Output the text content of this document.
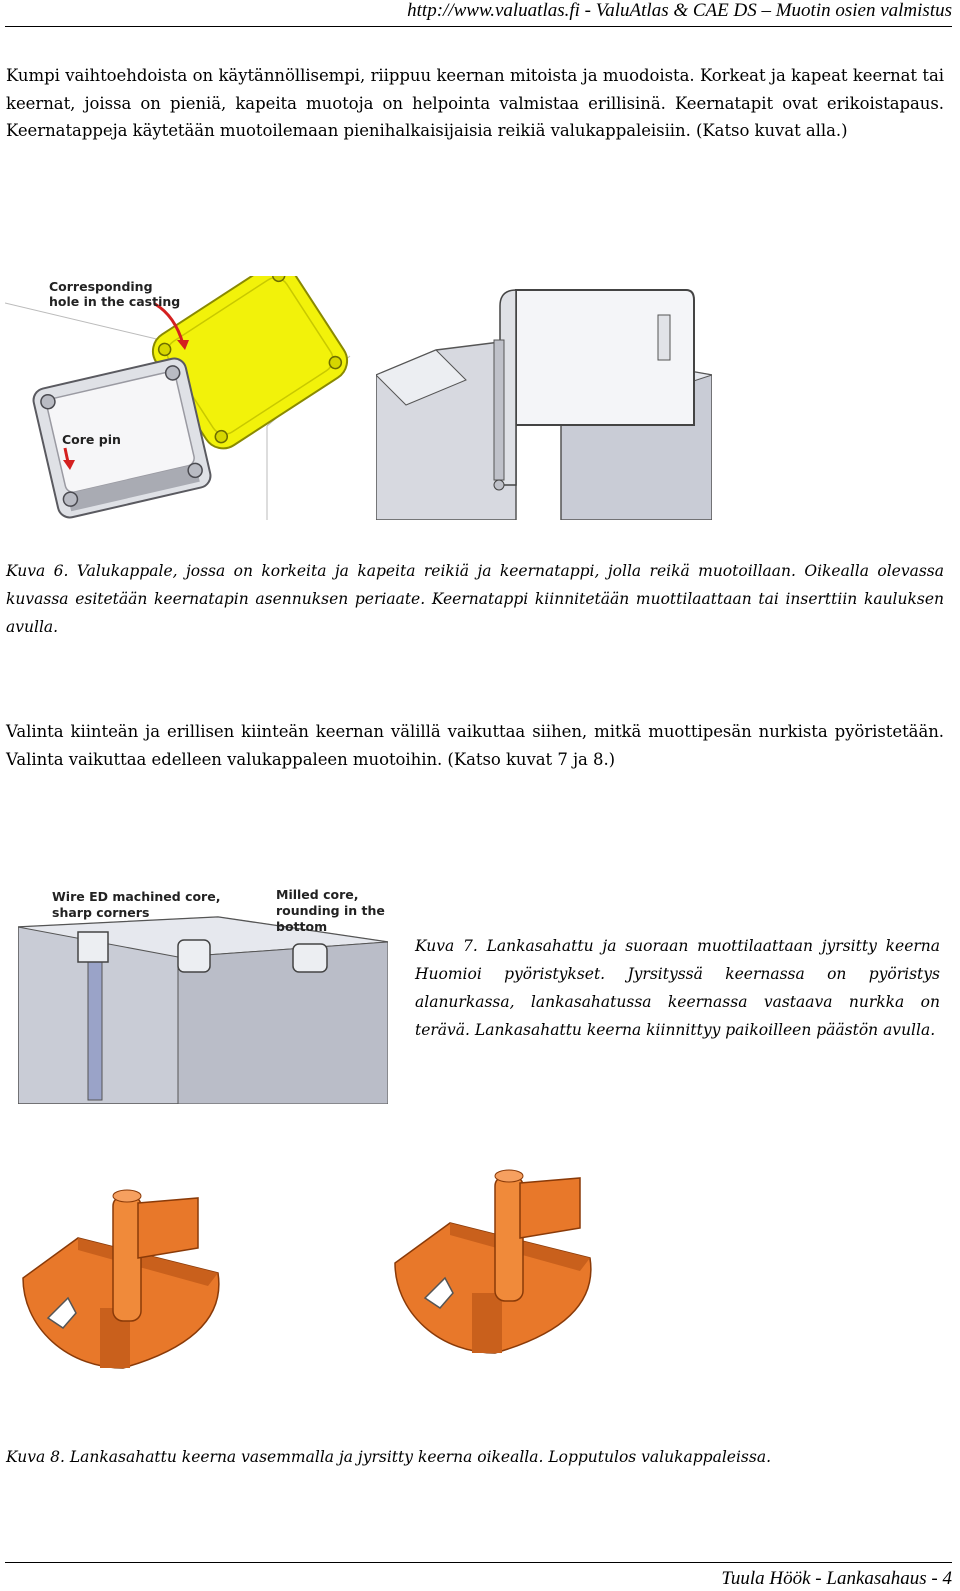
http://www.valuatlas.fi - ValuAtlas & CAE DS – Muotin osien valmistus
Kumpi vaihtoehdoista on käytännöllisempi, riippuu keernan mitoista ja muodoista. Korkeat ja kapeat keernat tai keernat, joissa on pieniä, kapeita muotoja on helpointa valmistaa erillisinä. Keernatapit ovat erikoistapaus. Keernatappeja käytetään muotoilemaan pienihalkaisijaisia reikiä valukappaleisiin. (Katso kuvat alla.)
Corresponding
hole in the casting
Core pin
Kuva 6. Valukappale, jossa on korkeita ja kapeita reikiä ja keernatappi, jolla reikä muotoillaan. Oikealla olevassa kuvassa esitetään keernatapin asennuksen periaate. Keernatappi kiinnitetään muottilaattaan tai inserttiin kauluksen avulla.
Valinta kiinteän ja erillisen kiinteän keernan välillä vaikuttaa siihen, mitkä muottipesän nurkista pyöristetään. Valinta vaikuttaa edelleen valukappaleen muotoihin. (Katso kuvat 7 ja 8.)
Wire ED machined core,
sharp corners
Milled core,
rounding in the
bottom
Kuva 7. Lankasahattu ja suoraan muottilaattaan jyrsitty keerna Huomioi pyöristykset. Jyrsityssä keernassa on pyöristys alanurkassa, lankasahatussa keernassa vastaava nurkka on terävä. Lankasahattu keerna kiinnittyy paikoilleen päästön avulla.
Kuva 8. Lankasahattu keerna vasemmalla ja jyrsitty keerna oikealla. Lopputulos valukappaleissa.
Tuula Höök - Lankasahaus - 4
